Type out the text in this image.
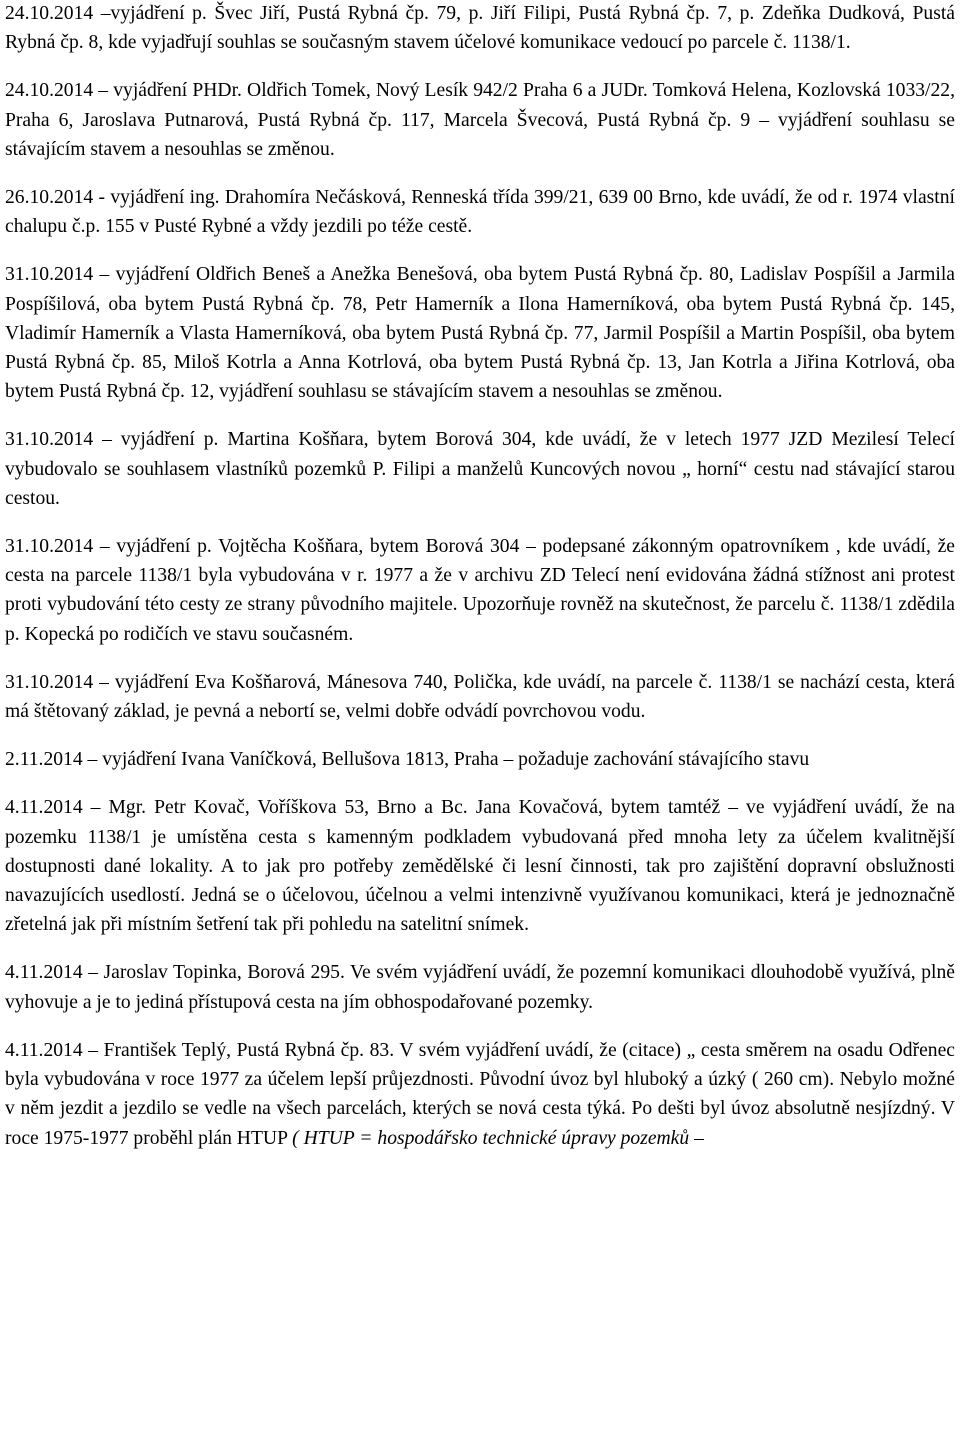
24.10.2014 –vyjádření p. Švec Jiří, Pustá Rybná čp. 79, p. Jiří Filipi, Pustá Rybná čp. 7, p. Zdeňka Dudková, Pustá Rybná čp. 8, kde vyjadřují souhlas se současným stavem účelové komunikace vedoucí po parcele č. 1138/1.

24.10.2014 – vyjádření PHDr. Oldřich Tomek, Nový Lesík 942/2 Praha 6 a JUDr. Tomková Helena, Kozlovská 1033/22, Praha 6, Jaroslava Putnarová, Pustá Rybná čp. 117, Marcela Švecová, Pustá Rybná čp. 9 – vyjádření souhlasu se stávajícím stavem a nesouhlas se změnou.

26.10.2014 - vyjádření ing. Drahomíra Nečásková, Renneská třída 399/21, 639 00 Brno, kde uvádí, že od r. 1974 vlastní chalupu č.p. 155 v Pusté Rybné a vždy jezdili po téže cestě.

31.10.2014 – vyjádření Oldřich Beneš a Anežka Benešová, oba bytem Pustá Rybná čp. 80, Ladislav Pospíšil a Jarmila Pospíšilová, oba bytem Pustá Rybná čp. 78, Petr Hamerník a Ilona Hamerníková, oba bytem Pustá Rybná čp. 145, Vladimír Hamerník a Vlasta Hamerníková, oba bytem Pustá Rybná čp. 77, Jarmil Pospíšil a Martin Pospíšil, oba bytem Pustá Rybná čp. 85, Miloš Kotrla a Anna Kotrlová, oba bytem Pustá Rybná čp. 13, Jan Kotrla a Jiřina Kotrlová, oba bytem Pustá Rybná čp. 12, vyjádření souhlasu se stávajícím stavem a nesouhlas se změnou.

31.10.2014 – vyjádření p. Martina Košňara, bytem Borová 304, kde uvádí, že v letech 1977 JZD Mezilesí Telecí vybudovalo se souhlasem vlastníků pozemků P. Filipi a manželů Kuncových novou „ horní“ cestu nad stávající starou cestou.

31.10.2014 – vyjádření p. Vojtěcha Košňara, bytem Borová 304 – podepsané zákonným opatrovníkem , kde uvádí, že cesta na parcele 1138/1 byla vybudována v r. 1977 a že v archivu ZD Telecí není evidována žádná stížnost ani protest proti vybudování této cesty ze strany původního majitele. Upozorňuje rovněž na skutečnost, že parcelu č. 1138/1 zdědila p. Kopecká po rodičích ve stavu současném.

31.10.2014 – vyjádření Eva Košňarová, Mánesova 740, Polička, kde uvádí, na parcele č. 1138/1 se nachází cesta, která má štětovaný základ, je pevná a nebortí se, velmi dobře odvádí povrchovou vodu.

2.11.2014 – vyjádření Ivana Vaníčková, Bellušova 1813, Praha – požaduje zachování stávajícího stavu

4.11.2014 – Mgr. Petr Kovač, Voříškova 53, Brno a Bc. Jana Kovačová, bytem tamtéž – ve vyjádření uvádí, že na pozemku 1138/1 je umístěna cesta s kamenným podkladem vybudovaná před mnoha lety za účelem kvalitnější dostupnosti dané lokality. A to jak pro potřeby zemědělské či lesní činnosti, tak pro zajištění dopravní obslužnosti navazujících usedlostí. Jedná se o účelovou, účelnou a velmi intenzivně využívanou komunikaci, která je jednoznačně zřetelná jak při místním šetření tak při pohledu na satelitní snímek.

4.11.2014 – Jaroslav Topinka, Borová 295. Ve svém vyjádření uvádí, že pozemní komunikaci dlouhodobě využívá, plně vyhovuje a je to jediná přístupová cesta na jím obhospodařované pozemky.

4.11.2014 – František Teplý, Pustá Rybná čp. 83. V svém vyjádření uvádí, že (citace) „ cesta směrem na osadu Odřenec byla vybudována v roce 1977 za účelem lepší průjezdnosti. Původní úvoz byl hluboký a úzký ( 260 cm). Nebylo možné v něm jezdit a jezdilo se vedle na všech parcelách, kterých se nová cesta týká. Po dešti byl úvoz absolutně nesjízdný. V roce 1975-1977 proběhl plán HTUP ( HTUP = hospodářsko technické úpravy pozemků –
